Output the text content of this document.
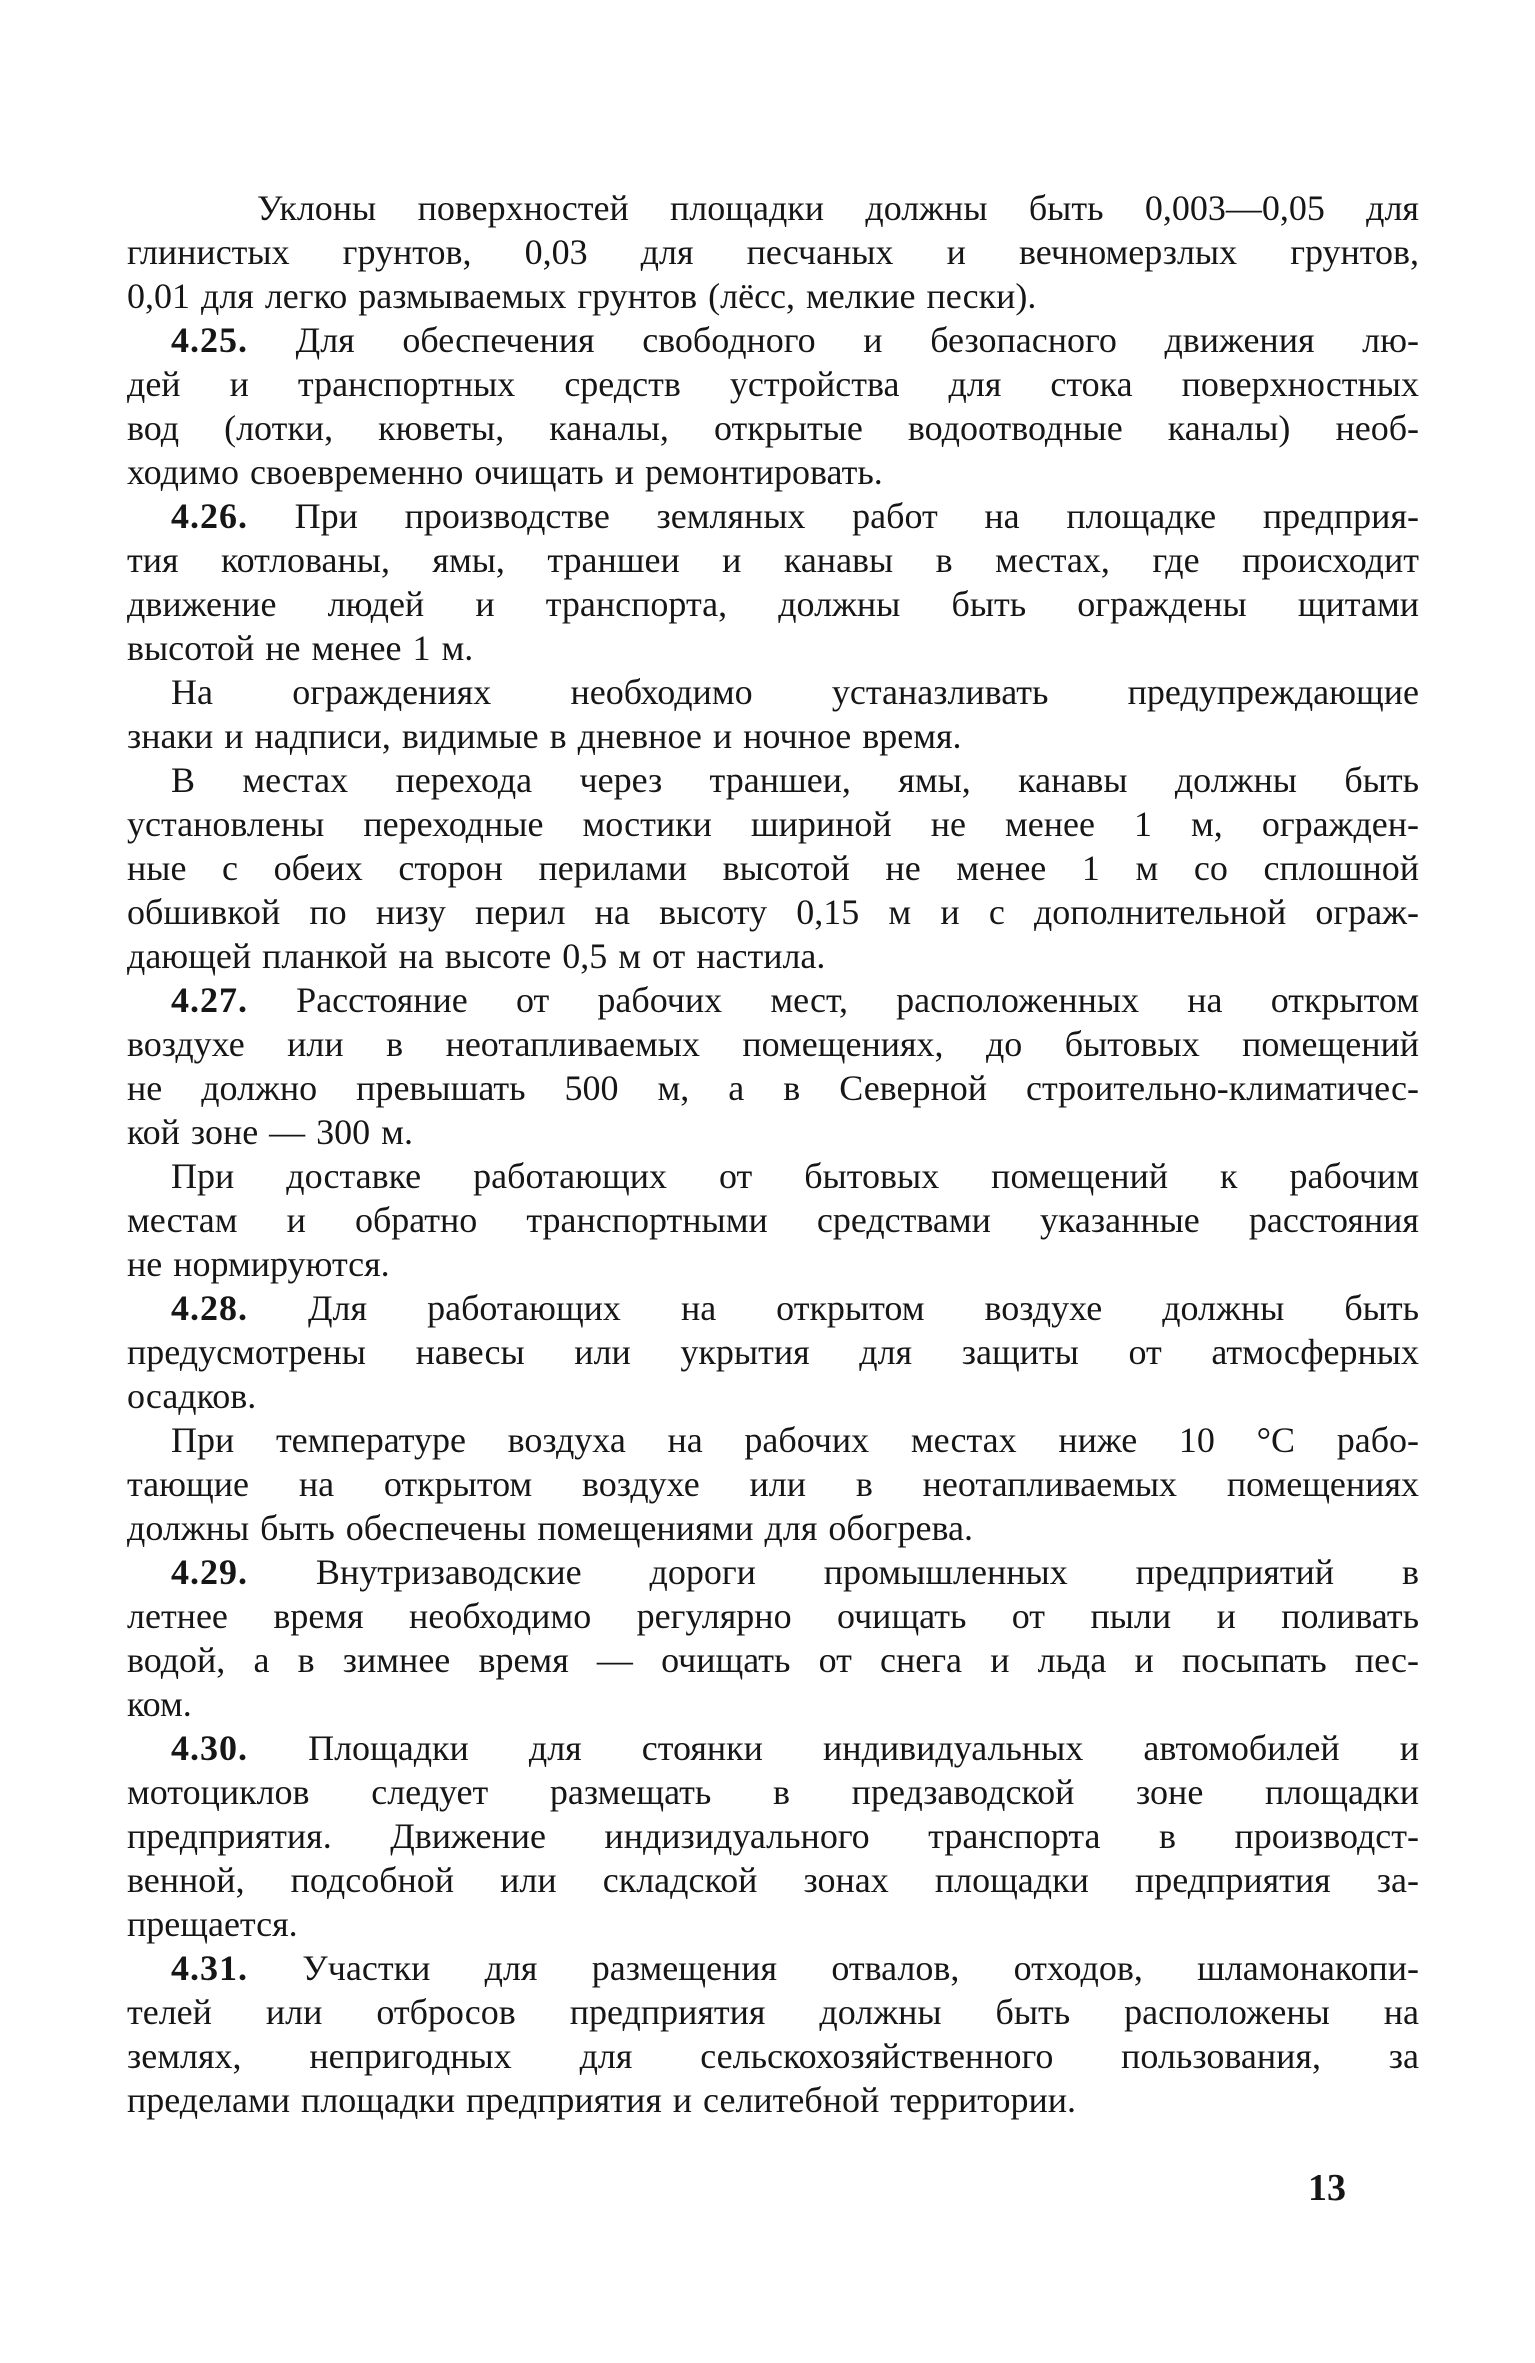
Уклоны поверхностей площадки должны быть 0,003—0,05 для
глинистых грунтов, 0,03 для песчаных и вечномерзлых грунтов,
0,01 для легко размываемых грунтов (лёсс, мелкие пески).
4.25. Для обеспечения свободного и безопасного движения лю-
дей и транспортных средств устройства для стока поверхностных
вод (лотки, кюветы, каналы, открытые водоотводные каналы) необ-
ходимо своевременно очищать и ремонтировать.
4.26. При производстве земляных работ на площадке предприя-
тия котлованы, ямы, траншеи и канавы в местах, где происходит
движение людей и транспорта, должны быть ограждены щитами
высотой не менее 1 м.
На ограждениях необходимо устаназливать предупреждающие
знаки и надписи, видимые в дневное и ночное время.
В местах перехода через траншеи, ямы, канавы должны быть
установлены переходные мостики шириной не менее 1 м, огражден-
ные с обеих сторон перилами высотой не менее 1 м со сплошной
обшивкой по низу перил на высоту 0,15 м и с дополнительной ограж-
дающей планкой на высоте 0,5 м от настила.
4.27. Расстояние от рабочих мест, расположенных на открытом
воздухе или в неотапливаемых помещениях, до бытовых помещений
не должно превышать 500 м, а в Северной строительно-климатичес-
кой зоне — 300 м.
При доставке работающих от бытовых помещений к рабочим
местам и обратно транспортными средствами указанные расстояния
не нормируются.
4.28. Для работающих на открытом воздухе должны быть
предусмотрены навесы или укрытия для защиты от атмосферных
осадков.
При температуре воздуха на рабочих местах ниже 10 °С рабо-
тающие на открытом воздухе или в неотапливаемых помещениях
должны быть обеспечены помещениями для обогрева.
4.29. Внутризаводские дороги промышленных предприятий в
летнее время необходимо регулярно очищать от пыли и поливать
водой, а в зимнее время — очищать от снега и льда и посыпать пес-
ком.
4.30. Площадки для стоянки индивидуальных автомобилей и
мотоциклов следует размещать в предзаводской зоне площадки
предприятия. Движение индизидуального транспорта в производст-
венной, подсобной или складской зонах площадки предприятия за-
прещается.
4.31. Участки для размещения отвалов, отходов, шламонакопи-
телей или отбросов предприятия должны быть расположены на
землях, непригодных для сельскохозяйственного пользования, за
пределами площадки предприятия и селитебной территории.
13
